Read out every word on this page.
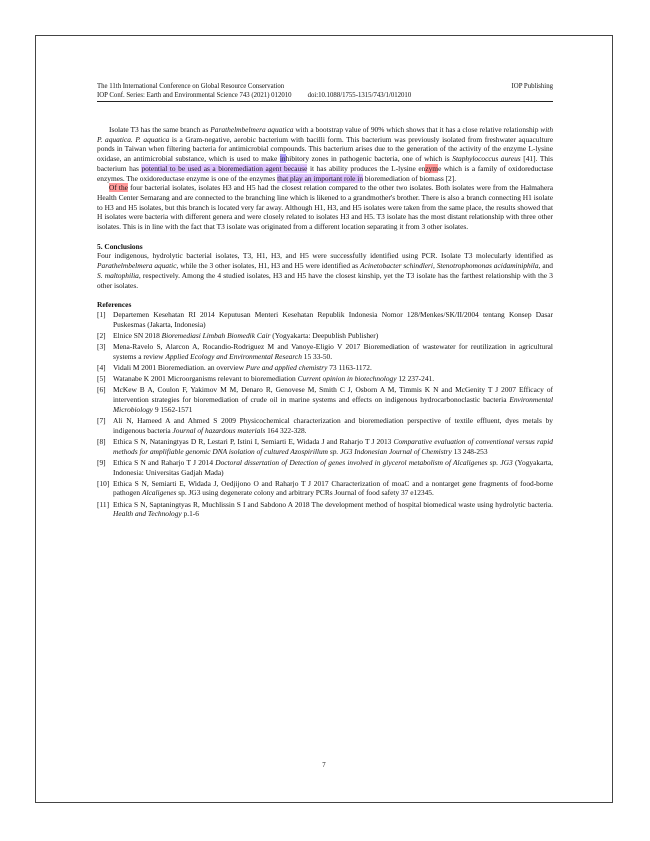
The 11th International Conference on Global Resource Conservation	IOP Publishing
IOP Conf. Series: Earth and Environmental Science 743 (2021) 012010 doi:10.1088/1755-1315/743/1/012010

Isolate T3 has the same branch as Parathelmbelmera aquatica with a bootstrap value of 90% which shows that it has a close relative relationship with P. aquatica. P. aquatica is a Gram-negative, aerobic bacterium with bacilli form. This bacterium was previously isolated from freshwater aquaculture ponds in Taiwan when filtering bacteria for antimicrobial compounds. This bacterium arises due to the generation of the activity of the enzyme L-lysine oxidase, an antimicrobial substance, which is used to make inhibitory zones in pathogenic bacteria, one of which is Staphylococcus aureus [41]. This bacterium has potential to be used as a bioremediation agent because it has ability produces the L-lysine enzyme which is a family of oxidoreductase enzymes. The oxidoreductase enzyme is one of the enzymes that play an important role in bioremediation of biomass [2].

Of the four bacterial isolates, isolates H3 and H5 had the closest relation compared to the other two isolates. Both isolates were from the Halmahera Health Center Semarang and are connected to the branching line which is likened to a grandmother's brother. There is also a branch connecting H1 isolate to H3 and H5 isolates, but this branch is located very far away. Although H1, H3, and H5 isolates were taken from the same place, the results showed that H isolates were bacteria with different genera and were closely related to isolates H3 and H5. T3 isolate has the most distant relationship with three other isolates. This is in line with the fact that T3 isolate was originated from a different location separating it from 3 other isolates.

5. Conclusions

Four indigenous, hydrolytic bacterial isolates, T3, H1, H3, and H5 were successfully identified using PCR. Isolate T3 molecularly identified as Parathelmbelmera aquatic, while the 3 other isolates, H1, H3 and H5 were identified as Acinetobacter schindleri, Stenotrophomonas acidaminiphila, and S. maltophilia, respectively. Among the 4 studied isolates, H3 and H5 have the closest kinship, yet the T3 isolate has the farthest relationship with the 3 other isolates.

References

[1] Departemen Kesehatan RI 2014 Keputusan Menteri Kesehatan Republik Indonesia Nomor 128/Menkes/SK/II/2004 tentang Konsep Dasar Puskesmas (Jakarta, Indonesia)
[2] Elnice SN 2018 Bioremediasi Limbah Biomedik Cair (Yogyakarta: Deepublish Publisher)
[3] Mena-Ravelo S, Alarcon A, Rocandio-Rodriguez M and Vanoye-Eligio V 2017 Bioremediation of wastewater for reutilization in agricultural systems a review Applied Ecology and Environmental Research 15 33-50.
[4] Vidali M 2001 Bioremediation. an overview Pure and applied chemistry 73 1163-1172.
[5] Watanabe K 2001 Microorganisms relevant to bioremediation Current opinion in biotechnology 12 237-241.
[6] McKew B A, Coulon F, Yakimov M M, Denaro R, Genovese M, Smith C J, Osborn A M, Timmis K N and McGenity T J 2007 Efficacy of intervention strategies for bioremediation of crude oil in marine systems and effects on indigenous hydrocarbonoclastic bacteria Environmental Microbiology 9 1562-1571
[7] Ali N, Hameed A and Ahmed S 2009 Physicochemical characterization and bioremediation perspective of textile effluent, dyes metals by indigenous bacteria Journal of hazardous materials 164 322-328.
[8] Ethica S N, Nataningtyas D R, Lestari P, Istini I, Semiarti E, Widada J and Raharjo T J 2013 Comparative evaluation of conventional versus rapid methods for amplifiable genomic DNA isolation of cultured Azospirillum sp. JG3 Indonesian Journal of Chemistry 13 248-253
[9] Ethica S N and Raharjo T J 2014 Doctoral dissertation of Detection of genes involved in glycerol metabolism of Alcaligenes sp. JG3 (Yogyakarta, Indonesia: Universitas Gadjah Mada)
[10] Ethica S N, Semiarti E, Widada J, Oedjijono O and Raharjo T J 2017 Characterization of moaC and a nontarget gene fragments of food-borne pathogen Alcaligenes sp. JG3 using degenerate colony and arbitrary PCRs Journal of food safety 37 e12345.
[11] Ethica S N, Saptaningtyas R, Muchlissin S I and Sabdono A 2018 The development method of hospital biomedical waste using hydrolytic bacteria. Health and Technology p.1-6
7
